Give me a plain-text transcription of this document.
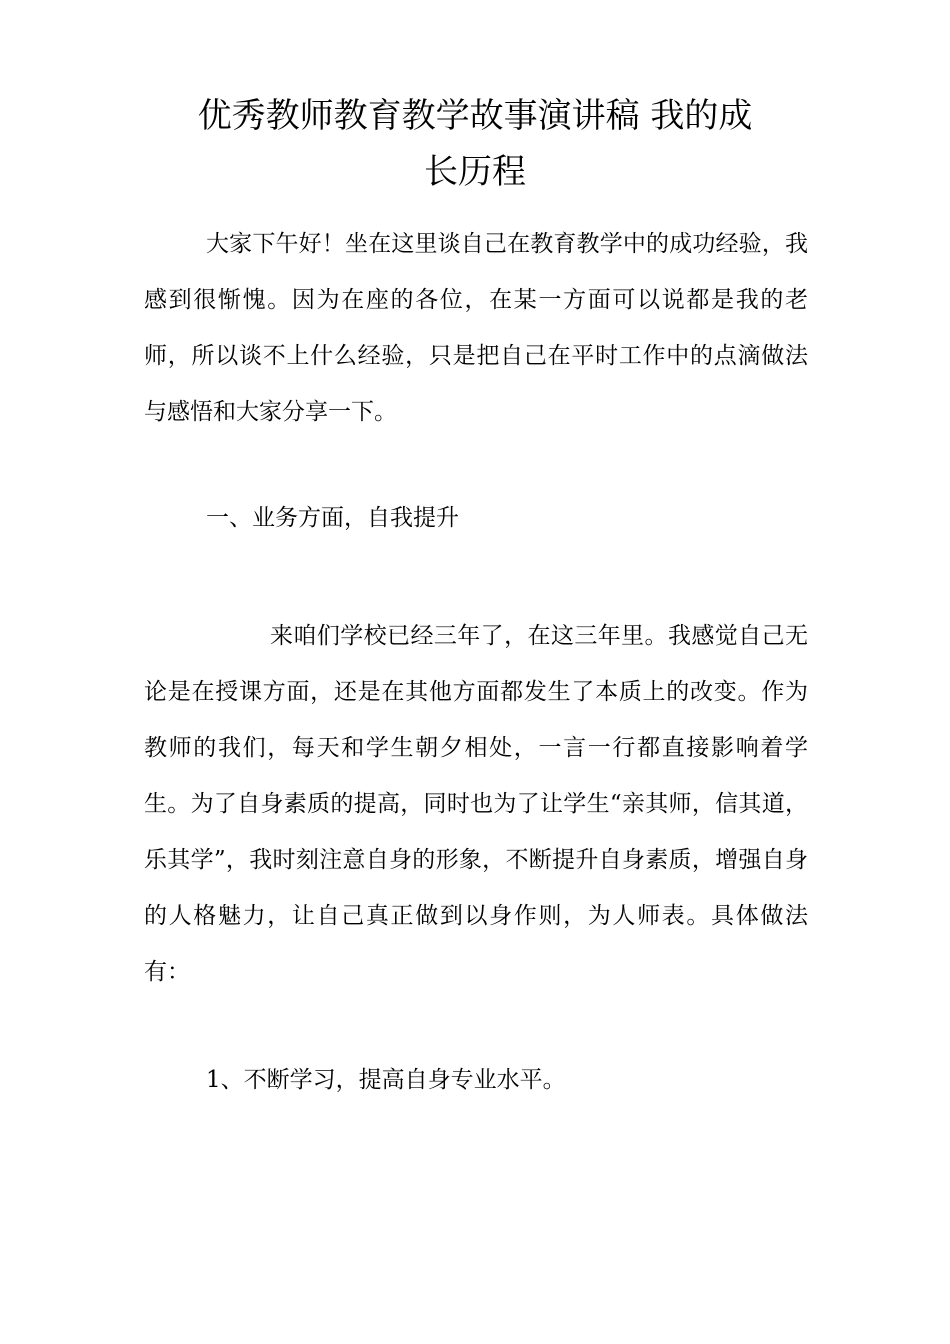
优秀教师教育教学故事演讲稿 我的成
长历程

大家下午好！坐在这里谈自己在教育教学中的成功经验，我感到很惭愧。因为在座的各位，在某一方面可以说都是我的老师，所以谈不上什么经验，只是把自己在平时工作中的点滴做法与感悟和大家分享一下。

一、业务方面，自我提升

来咱们学校已经三年了，在这三年里。我感觉自己无论是在授课方面，还是在其他方面都发生了本质上的改变。作为教师的我们，每天和学生朝夕相处，一言一行都直接影响着学生。为了自身素质的提高，同时也为了让学生“亲其师，信其道，乐其学”，我时刻注意自身的形象，不断提升自身素质，增强自身的人格魅力，让自己真正做到以身作则，为人师表。具体做法有：

1、不断学习，提高自身专业水平。
